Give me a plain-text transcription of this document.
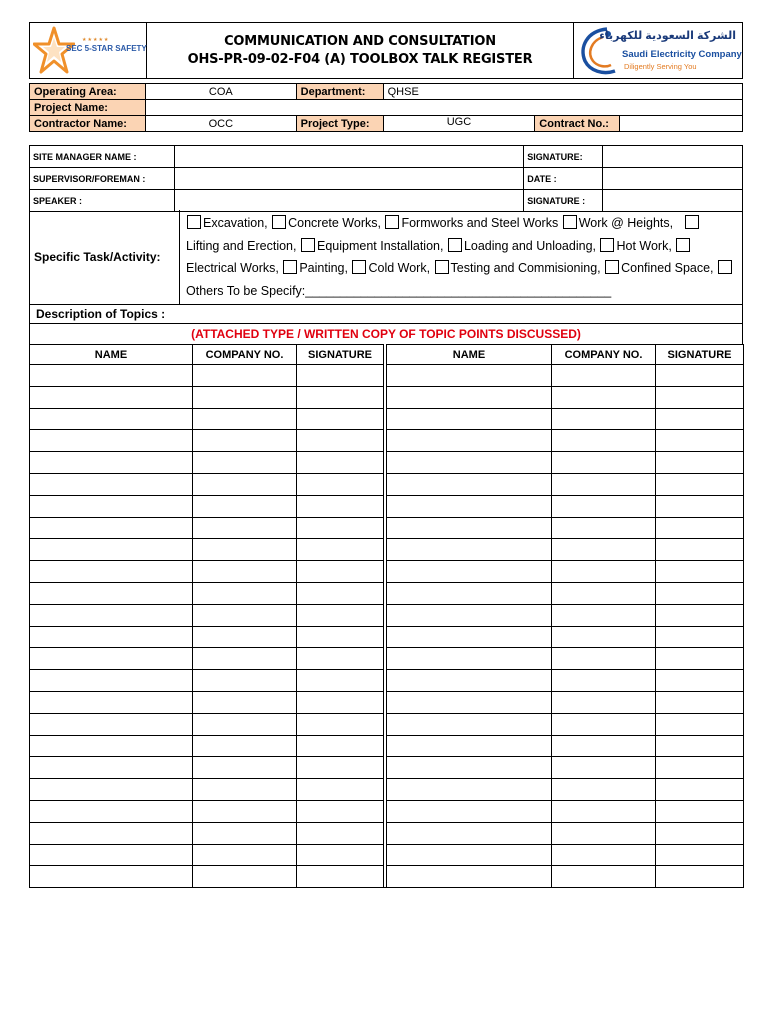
★★★★★
SEC 5-STAR SAFETY	COMMUNICATION AND CONSULTATION
OHS-PR-09-02-F04 (A) TOOLBOX TALK REGISTER
الشركة السعودية للكهرباء
Saudi Electricity Company
Diligently Serving You
Operating Area:	COA	Department:	QHSE		
Project Name:					
Contractor Name:	OCC	Project Type:	UGC	Contract No.:	
SITE MANAGER NAME :		SIGNATURE:	
SUPERVISOR/FOREMAN :		DATE :	
SPEAKER :		SIGNATURE :	
Specific Task/Activity:
Excavation, Concrete Works, Formworks and Steel Works Work @ Heights,
Lifting and Erection, Equipment Installation, Loading and Unloading, Hot Work,
Electrical Works, Painting, Cold Work, Testing and Commisioning, Confined Space, Others To be Specify:____________________________________________
Description of Topics :
(ATTACHED TYPE / WRITTEN COPY OF TOPIC POINTS DISCUSSED)
NAME	COMPANY NO.	SIGNATURE		NAME	COMPANY NO.	SIGNATURE
